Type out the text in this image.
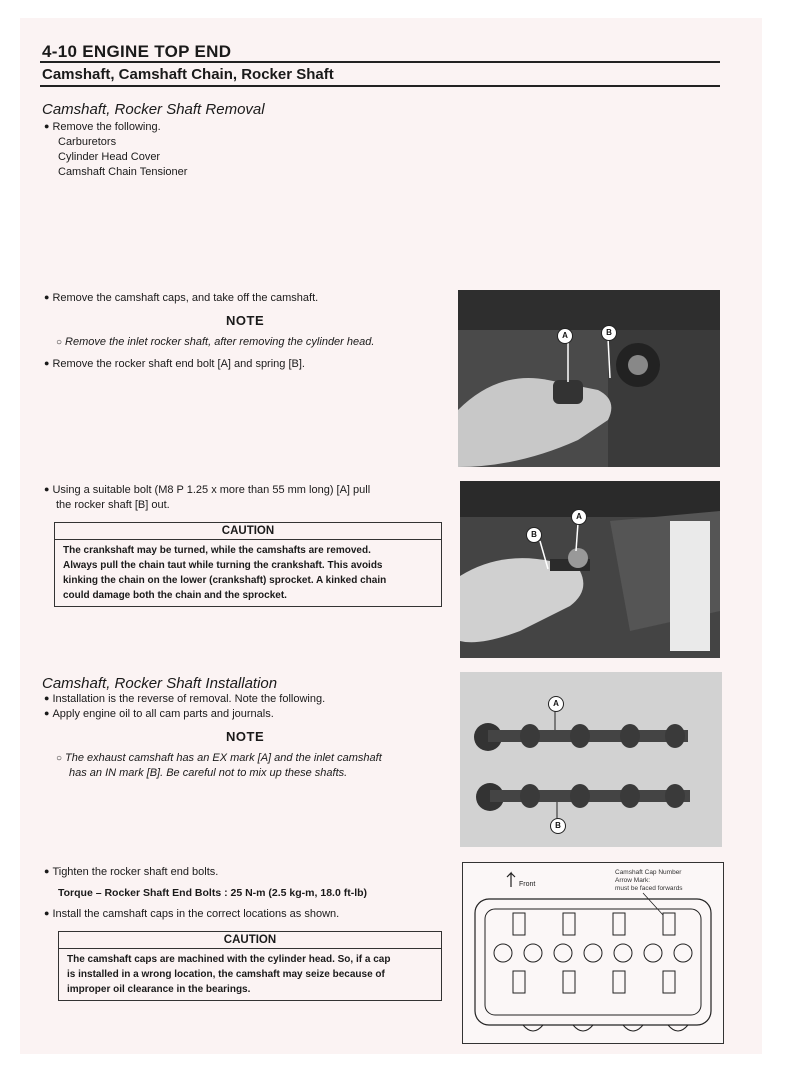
4-10 ENGINE TOP END
Camshaft, Camshaft Chain, Rocker Shaft
Camshaft, Rocker Shaft Removal
● Remove the following.
Carburetors
Cylinder Head Cover
Camshaft Chain Tensioner
● Remove the camshaft caps, and take off the camshaft.
NOTE
○ Remove the inlet rocker shaft, after removing the cylinder head.
● Remove the rocker shaft end bolt [A] and spring [B].
● Using a suitable bolt (M8 P 1.25 x more than 55 mm long) [A] pull
the rocker shaft [B] out.
CAUTION
The crankshaft may be turned, while the camshafts are removed.
Always pull the chain taut while turning the crankshaft. This avoids
kinking the chain on the lower (crankshaft) sprocket. A kinked chain
could damage both the chain and the sprocket.
Camshaft, Rocker Shaft Installation
● Installation is the reverse of removal. Note the following.
● Apply engine oil to all cam parts and journals.
NOTE
○ The exhaust camshaft has an EX mark [A] and the inlet camshaft
has an IN mark [B]. Be careful not to mix up these shafts.
● Tighten the rocker shaft end bolts.
Torque – Rocker Shaft End Bolts : 25 N-m (2.5 kg-m, 18.0 ft-lb)
● Install the camshaft caps in the correct locations as shown.
CAUTION
The camshaft caps are machined with the cylinder head. So, if a cap
is installed in a wrong location, the camshaft may seize because of
improper oil clearance in the bearings.
A	B
B
A
A
B
Front
Camshaft Cap Number
Arrow Mark:
must be faced forwards
